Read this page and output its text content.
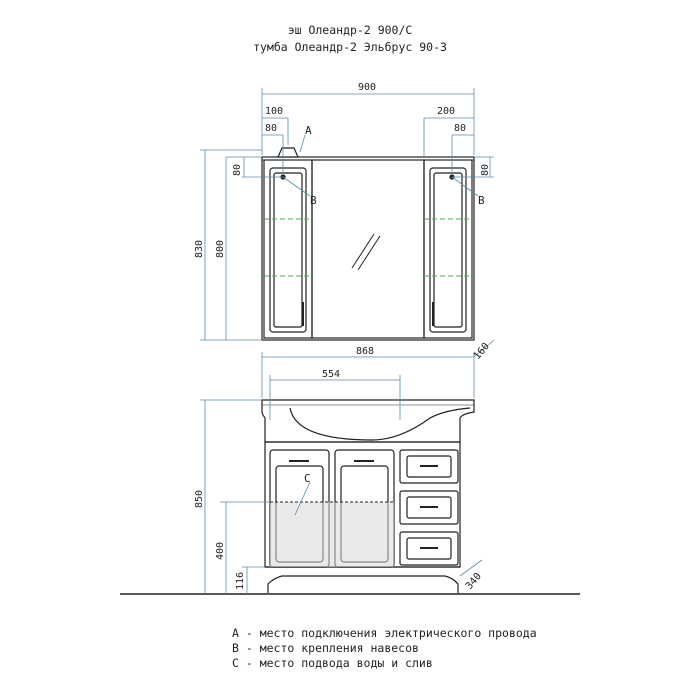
эш Олеандр-2 900/С
тумба Олеандр-2 Эльбрус 90-3
900
100
80
200
80
80	80
830 800
A
B	B
868	160
554
850
400
116	340
C
A - место подключения электрического провода
B - место крепления навесов
C - место подвода воды и слив
